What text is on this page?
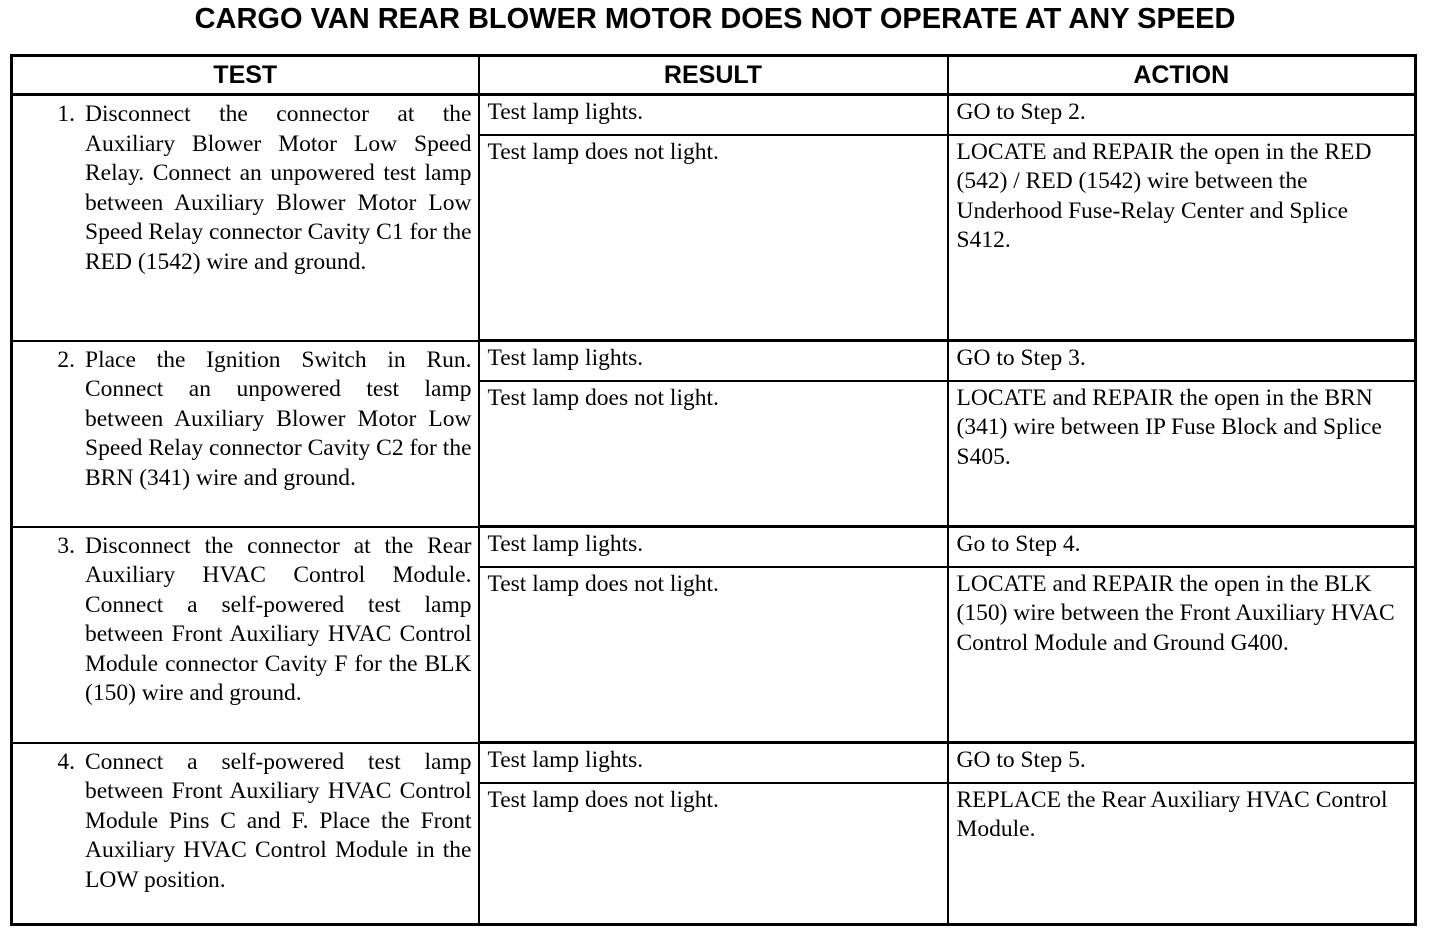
CARGO VAN REAR BLOWER MOTOR DOES NOT OPERATE AT ANY SPEED
TEST	RESULT	ACTION

1. Disconnect the connector at the Auxiliary Blower Motor Low Speed Relay. Connect an unpowered test lamp between Auxiliary Blower Motor Low Speed Relay connector Cavity C1 for the RED (1542) wire and ground.	Test lamp lights.	GO to Step 2.
	Test lamp does not light.	LOCATE and REPAIR the open in the RED (542) / RED (1542) wire between the Underhood Fuse-Relay Center and Splice S412.

2. Place the Ignition Switch in Run. Connect an unpowered test lamp between Auxiliary Blower Motor Low Speed Relay connector Cavity C2 for the BRN (341) wire and ground.	Test lamp lights.	GO to Step 3.
	Test lamp does not light.	LOCATE and REPAIR the open in the BRN (341) wire between IP Fuse Block and Splice S405.

3. Disconnect the connector at the Rear Auxiliary HVAC Control Module. Connect a self-powered test lamp between Front Auxiliary HVAC Control Module connector Cavity F for the BLK (150) wire and ground.	Test lamp lights.	Go to Step 4.
	Test lamp does not light.	LOCATE and REPAIR the open in the BLK (150) wire between the Front Auxiliary HVAC Control Module and Ground G400.

4. Connect a self-powered test lamp between Front Auxiliary HVAC Control Module Pins C and F. Place the Front Auxiliary HVAC Control Module in the LOW position.	Test lamp lights.	GO to Step 5.
	Test lamp does not light.	REPLACE the Rear Auxiliary HVAC Control Module.
